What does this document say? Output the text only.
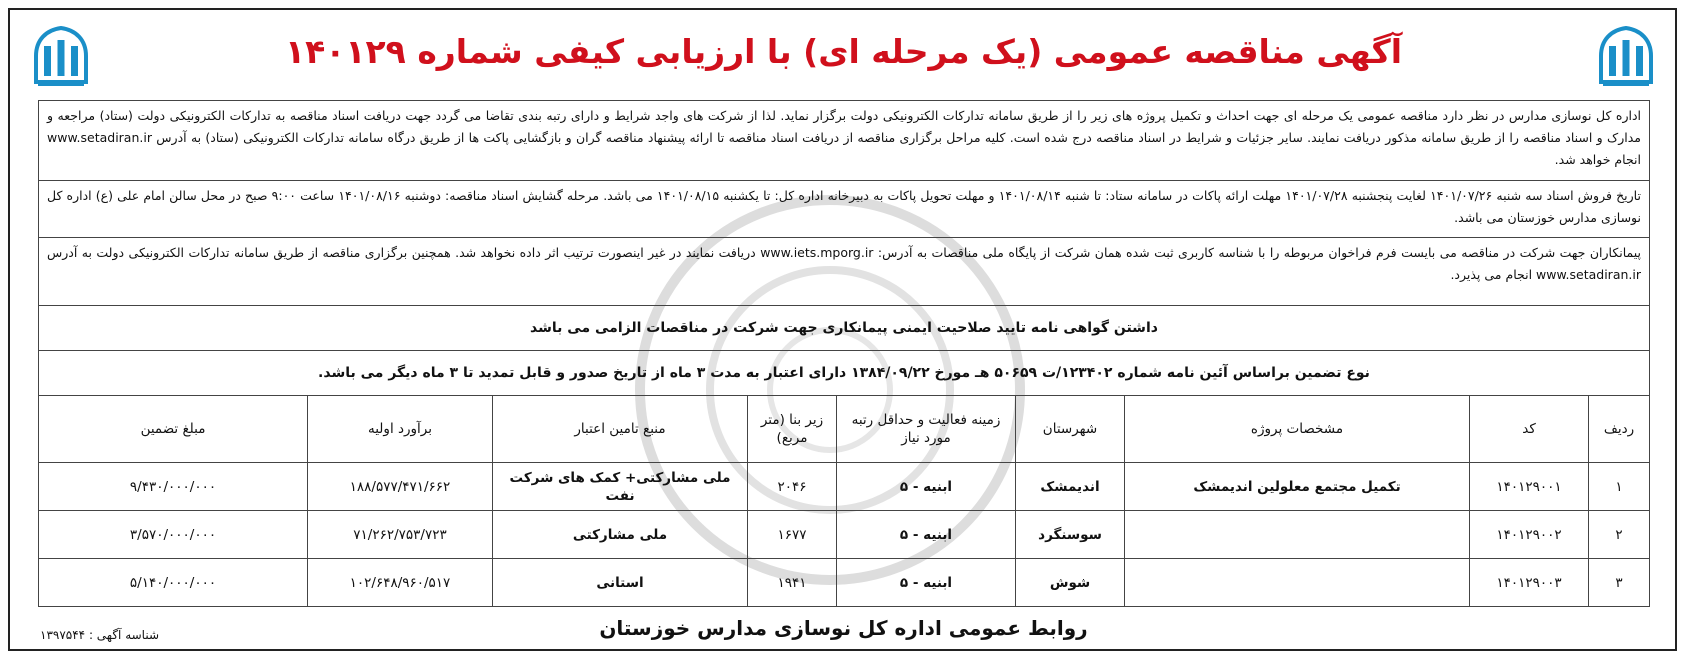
آگهی مناقصه عمومی (یک مرحله ای) با ارزیابی کیفی شماره ۱۴۰۱۲۹
اداره کل نوسازی مدارس در نظر دارد مناقصه عمومی یک مرحله ای جهت احداث و تکمیل پروژه های زیر را از طریق سامانه تدارکات الکترونیکی دولت برگزار نماید. لذا از شرکت های واجد شرایط و دارای رتبه بندی تقاضا می گردد جهت دریافت اسناد مناقصه به تدارکات الکترونیکی دولت (ستاد) مراجعه و مدارک و اسناد مناقصه را از طریق سامانه مذکور دریافت نمایند. سایر جزئیات و شرایط در اسناد مناقصه درج شده است. کلیه مراحل برگزاری مناقصه از دریافت اسناد مناقصه تا ارائه پیشنهاد مناقصه گران و بازگشایی پاکت ها از طریق درگاه سامانه تدارکات الکترونیکی (ستاد) به آدرس www.setadiran.ir انجام خواهد شد.
تاریخ فروش اسناد سه شنبه ۱۴۰۱/۰۷/۲۶ لغایت پنجشنبه ۱۴۰۱/۰۷/۲۸ مهلت ارائه پاکات در سامانه ستاد: تا شنبه ۱۴۰۱/۰۸/۱۴ و مهلت تحویل پاکات به دبیرخانه اداره کل: تا یکشنبه ۱۴۰۱/۰۸/۱۵ می باشد. مرحله گشایش اسناد مناقصه: دوشنبه ۱۴۰۱/۰۸/۱۶ ساعت ۹:۰۰ صبح در محل سالن امام علی (ع) اداره کل نوسازی مدارس خوزستان می باشد.
پیمانکاران جهت شرکت در مناقصه می بایست فرم فراخوان مربوطه را با شناسه کاربری ثبت شده همان شرکت از پایگاه ملی مناقصات به آدرس: www.iets.mporg.ir دریافت نمایند در غیر اینصورت ترتیب اثر داده نخواهد شد. همچنین برگزاری مناقصه از طریق سامانه تدارکات الکترونیکی دولت به آدرس www.setadiran.ir انجام می پذیرد.
داشتن گواهی نامه تایید صلاحیت ایمنی پیمانکاری جهت شرکت در مناقصات الزامی می باشد
نوع تضمین براساس آئین نامه شماره ۱۲۳۴۰۲/ت ۵۰۶۵۹ هـ مورخ ۱۳۸۴/۰۹/۲۲ دارای اعتبار به مدت ۳ ماه از تاریخ صدور و قابل تمدید تا ۳ ماه دیگر می باشد.
ردیف	کد	مشخصات پروژه	شهرستان	زمینه فعالیت و حداقل رتبه مورد نیاز	زیر بنا (متر مربع)	منبع تامین اعتبار	برآورد اولیه	مبلغ تضمین
۱	۱۴۰۱۲۹۰۰۱	تکمیل مجتمع معلولین اندیمشک	اندیمشک	ابنیه - ۵	۲۰۴۶	ملی مشارکتی+ کمک های شرکت نفت	۱۸۸/۵۷۷/۴۷۱/۶۶۲	۹/۴۳۰/۰۰۰/۰۰۰
۲	۱۴۰۱۲۹۰۰۲		سوسنگرد	ابنیه - ۵	۱۶۷۷	ملی مشارکتی	۷۱/۲۶۲/۷۵۳/۷۲۳	۳/۵۷۰/۰۰۰/۰۰۰
۳	۱۴۰۱۲۹۰۰۳		شوش	ابنیه - ۵	۱۹۴۱	استانی	۱۰۲/۶۴۸/۹۶۰/۵۱۷	۵/۱۴۰/۰۰۰/۰۰۰
روابط عمومی اداره کل نوسازی مدارس خوزستان
شناسه آگهی : ۱۳۹۷۵۴۴
